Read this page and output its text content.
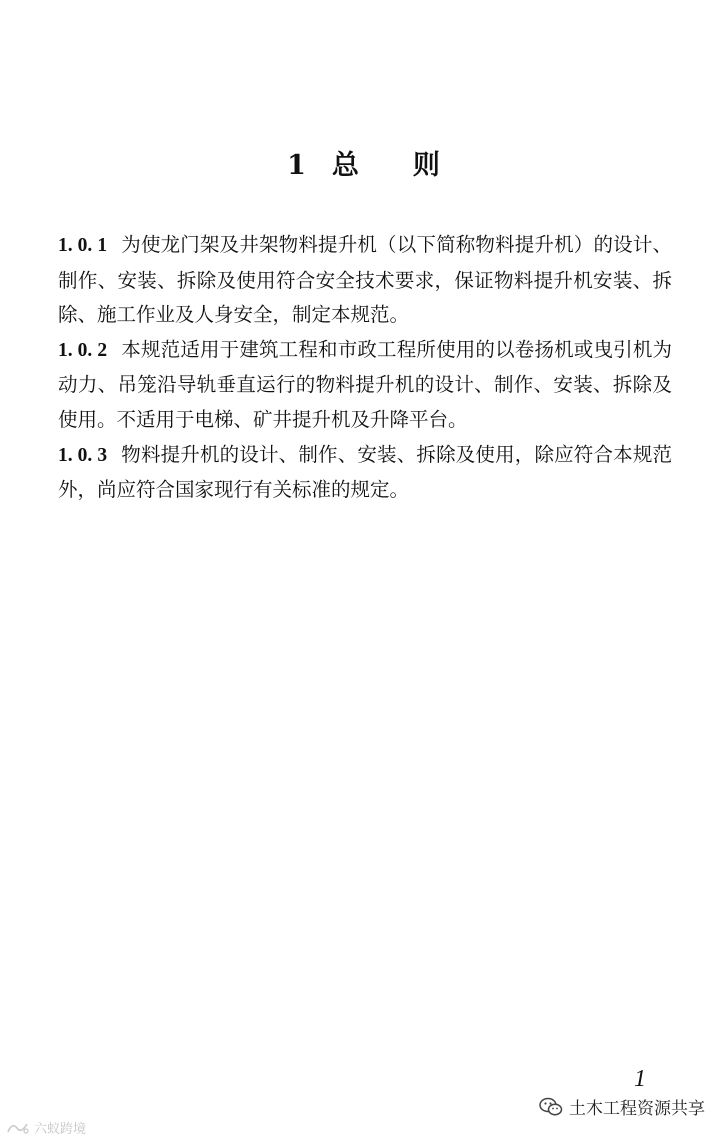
1 总 则

1. 0. 1 为使龙门架及井架物料提升机（以下简称物料提升机）的设计、制作、安装、拆除及使用符合安全技术要求，保证物料提升机安装、拆除、施工作业及人身安全，制定本规范。

1. 0. 2 本规范适用于建筑工程和市政工程所使用的以卷扬机或曳引机为动力、吊笼沿导轨垂直运行的物料提升机的设计、制作、安装、拆除及使用。不适用于电梯、矿井提升机及升降平台。

1. 0. 3 物料提升机的设计、制作、安装、拆除及使用，除应符合本规范外，尚应符合国家现行有关标准的规定。

1
六蚁跨境
土木工程资源共享
